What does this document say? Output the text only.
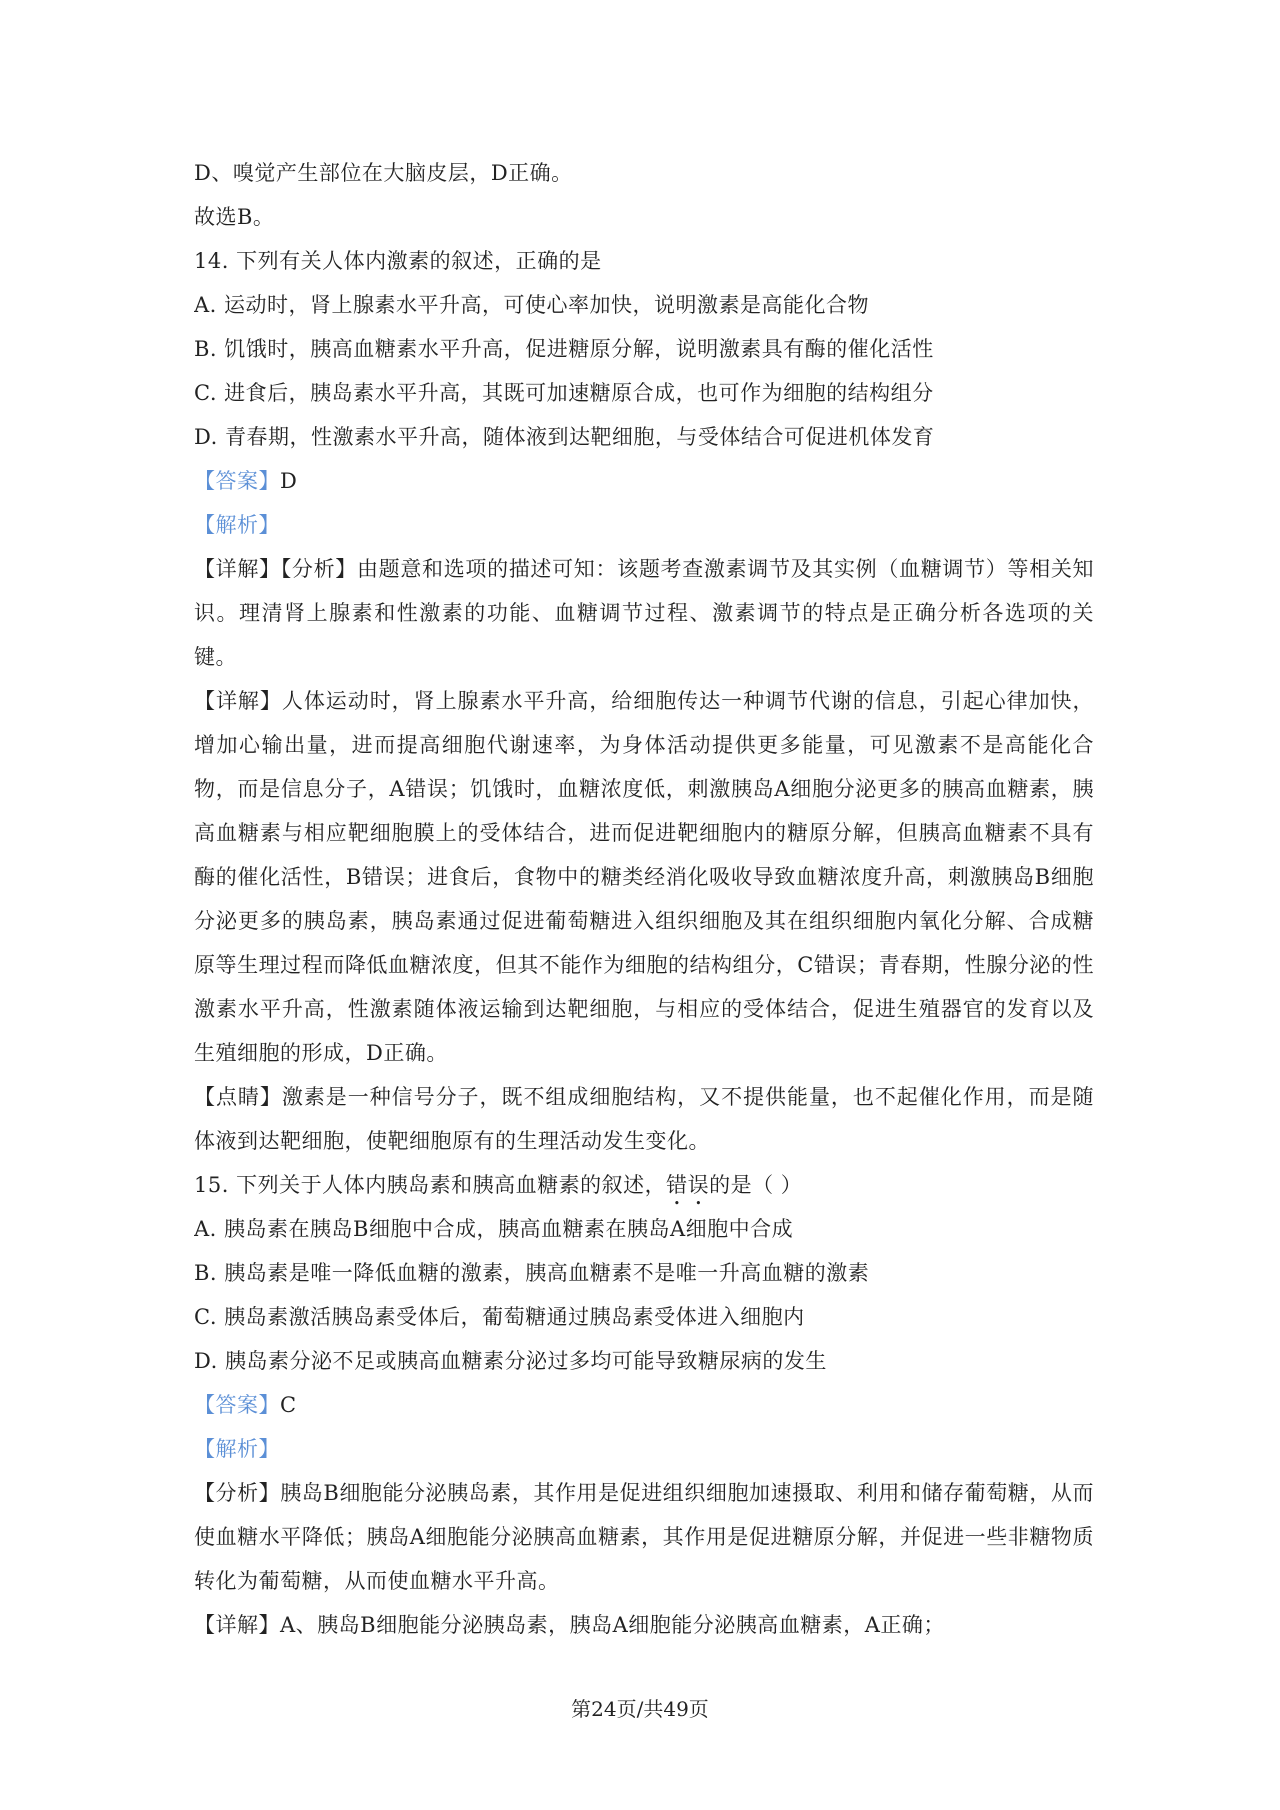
D、嗅觉产生部位在大脑皮层，D正确。
故选B。
14. 下列有关人体内激素的叙述，正确的是
A. 运动时，肾上腺素水平升高，可使心率加快，说明激素是高能化合物
B. 饥饿时，胰高血糖素水平升高，促进糖原分解，说明激素具有酶的催化活性
C. 进食后，胰岛素水平升高，其既可加速糖原合成，也可作为细胞的结构组分
D. 青春期，性激素水平升高，随体液到达靶细胞，与受体结合可促进机体发育
【答案】D
【解析】
【详解】【分析】由题意和选项的描述可知：该题考查激素调节及其实例（血糖调节）等相关知识。理清肾上腺素和性激素的功能、血糖调节过程、激素调节的特点是正确分析各选项的关键。
【详解】人体运动时，肾上腺素水平升高，给细胞传达一种调节代谢的信息，引起心律加快，增加心输出量，进而提高细胞代谢速率，为身体活动提供更多能量，可见激素不是高能化合物，而是信息分子，A错误；饥饿时，血糖浓度低，刺激胰岛A细胞分泌更多的胰高血糖素，胰高血糖素与相应靶细胞膜上的受体结合，进而促进靶细胞内的糖原分解，但胰高血糖素不具有酶的催化活性，B错误；进食后，食物中的糖类经消化吸收导致血糖浓度升高，刺激胰岛B细胞分泌更多的胰岛素，胰岛素通过促进葡萄糖进入组织细胞及其在组织细胞内氧化分解、合成糖原等生理过程而降低血糖浓度，但其不能作为细胞的结构组分，C错误；青春期，性腺分泌的性激素水平升高，性激素随体液运输到达靶细胞，与相应的受体结合，促进生殖器官的发育以及生殖细胞的形成，D正确。
【点睛】激素是一种信号分子，既不组成细胞结构，又不提供能量，也不起催化作用，而是随体液到达靶细胞，使靶细胞原有的生理活动发生变化。
15. 下列关于人体内胰岛素和胰高血糖素的叙述，错误的是（ ）
A. 胰岛素在胰岛B细胞中合成，胰高血糖素在胰岛A细胞中合成
B. 胰岛素是唯一降低血糖的激素，胰高血糖素不是唯一升高血糖的激素
C. 胰岛素激活胰岛素受体后，葡萄糖通过胰岛素受体进入细胞内
D. 胰岛素分泌不足或胰高血糖素分泌过多均可能导致糖尿病的发生
【答案】C
【解析】
【分析】胰岛B细胞能分泌胰岛素，其作用是促进组织细胞加速摄取、利用和储存葡萄糖，从而使血糖水平降低；胰岛A细胞能分泌胰高血糖素，其作用是促进糖原分解，并促进一些非糖物质转化为葡萄糖，从而使血糖水平升高。
【详解】A、胰岛B细胞能分泌胰岛素，胰岛A细胞能分泌胰高血糖素，A正确；
第24页/共49页
